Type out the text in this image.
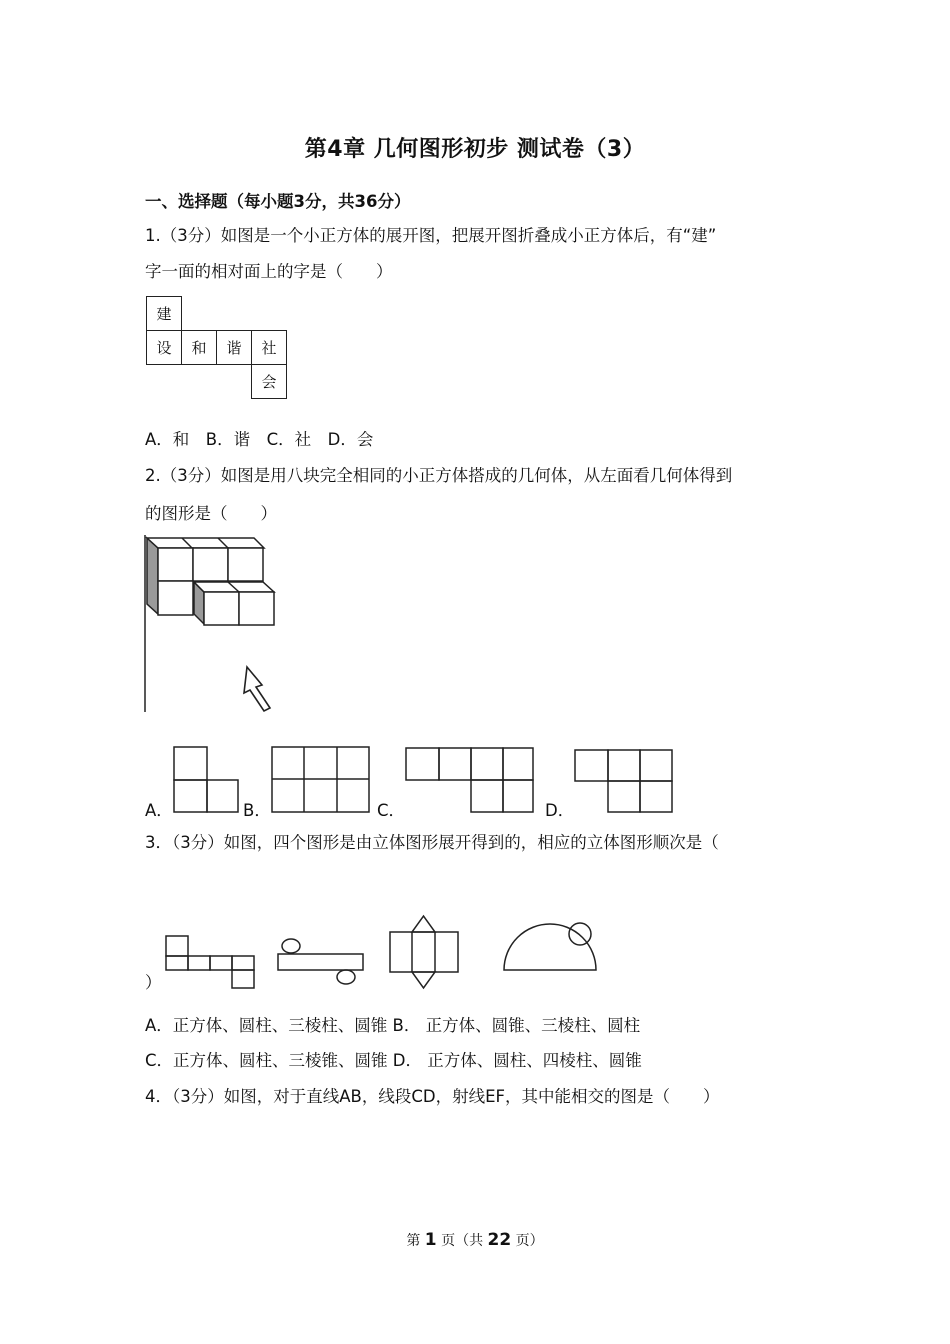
第4章 几何图形初步 测试卷（3）
一、选择题（每小题3分，共36分）
1.（3分）如图是一个小正方体的展开图，把展开图折叠成小正方体后，有“建”
字一面的相对面上的字是（　　）
建			
设	和	谐	社
			会
A．和　B．谐　C．社　D．会
2.（3分）如图是用八块完全相同的小正方体搭成的几何体，从左面看几何体得到
的图形是（　　）
A．	B．	C．	D．
3．（3分）如图，四个图形是由立体图形展开得到的，相应的立体图形顺次是（
）
A．正方体、圆柱、三棱柱、圆锥 B． 正方体、圆锥、三棱柱、圆柱
C．正方体、圆柱、三棱锥、圆锥 D． 正方体、圆柱、四棱柱、圆锥
4．（3分）如图，对于直线AB，线段CD，射线EF，其中能相交的图是（　　）
第 1 页（共 22 页）
